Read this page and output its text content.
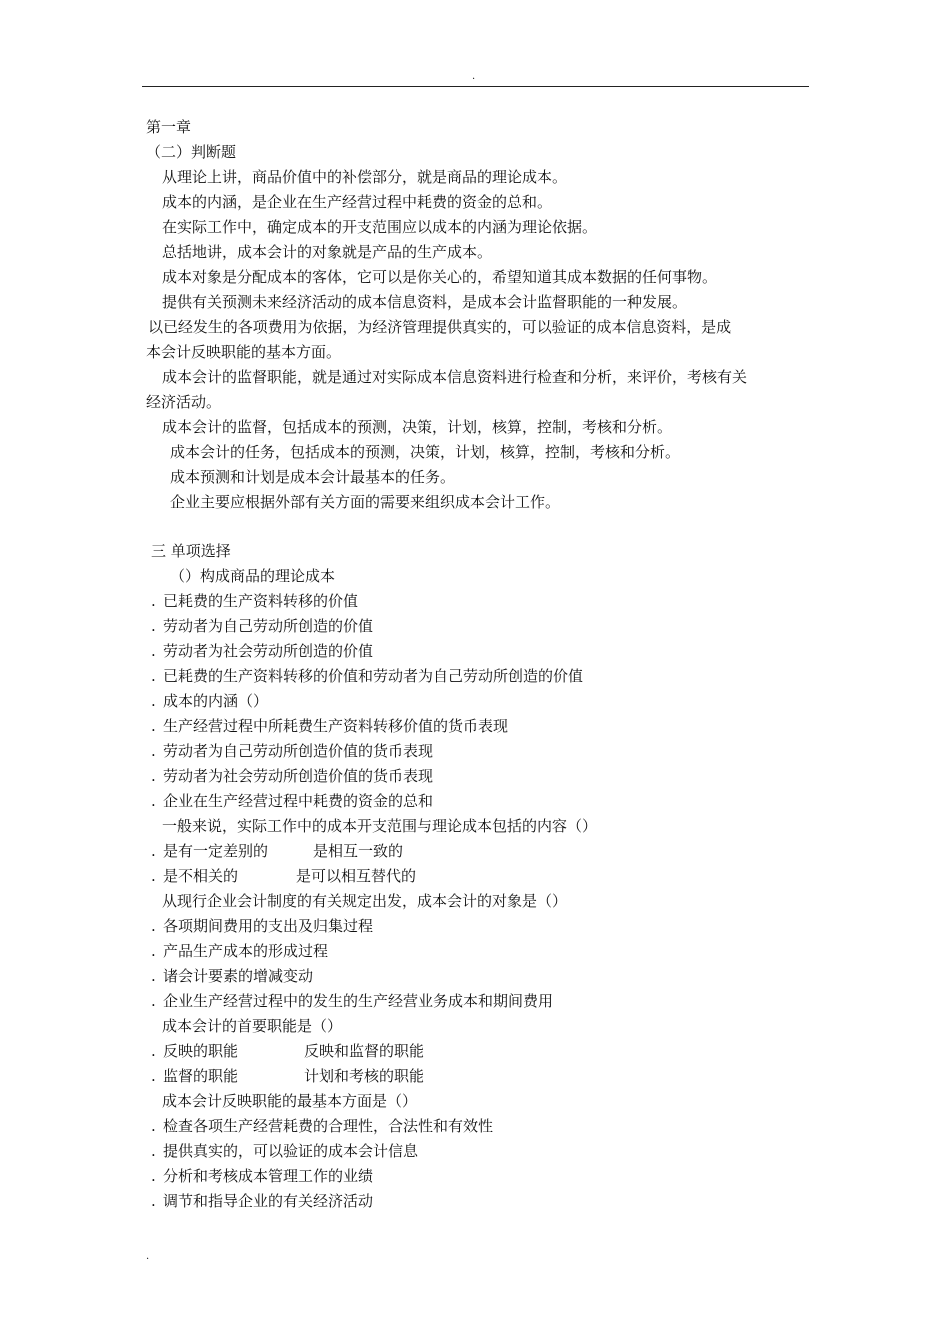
.
第一章
（二）判断题
从理论上讲，商品价值中的补偿部分，就是商品的理论成本。
成本的内涵，是企业在生产经营过程中耗费的资金的总和。
在实际工作中，确定成本的开支范围应以成本的内涵为理论依据。
总括地讲，成本会计的对象就是产品的生产成本。
成本对象是分配成本的客体，它可以是你关心的，希望知道其成本数据的任何事物。
提供有关预测未来经济活动的成本信息资料，是成本会计监督职能的一种发展。
以已经发生的各项费用为依据，为经济管理提供真实的，可以验证的成本信息资料，是成
本会计反映职能的基本方面。
成本会计的监督职能，就是通过对实际成本信息资料进行检查和分析，来评价，考核有关
经济活动。
成本会计的监督，包括成本的预测，决策，计划，核算，控制，考核和分析。
成本会计的任务，包括成本的预测，决策，计划，核算，控制，考核和分析。
成本预测和计划是成本会计最基本的任务。
企业主要应根据外部有关方面的需要来组织成本会计工作。
三 单项选择
（）构成商品的理论成本
. 已耗费的生产资料转移的价值
. 劳动者为自己劳动所创造的价值
. 劳动者为社会劳动所创造的价值
. 已耗费的生产资料转移的价值和劳动者为自己劳动所创造的价值
. 成本的内涵（）
. 生产经营过程中所耗费生产资料转移价值的货币表现
. 劳动者为自己劳动所创造价值的货币表现
. 劳动者为社会劳动所创造价值的货币表现
. 企业在生产经营过程中耗费的资金的总和
一般来说，实际工作中的成本开支范围与理论成本包括的内容（）
. 是有一定差别的	是相互一致的
. 是不相关的	是可以相互替代的
从现行企业会计制度的有关规定出发，成本会计的对象是（）
. 各项期间费用的支出及归集过程
. 产品生产成本的形成过程
. 诸会计要素的增减变动
. 企业生产经营过程中的发生的生产经营业务成本和期间费用
成本会计的首要职能是（）
. 反映的职能	反映和监督的职能
. 监督的职能	计划和考核的职能
成本会计反映职能的最基本方面是（）
. 检查各项生产经营耗费的合理性，合法性和有效性
. 提供真实的，可以验证的成本会计信息
. 分析和考核成本管理工作的业绩
. 调节和指导企业的有关经济活动
.
